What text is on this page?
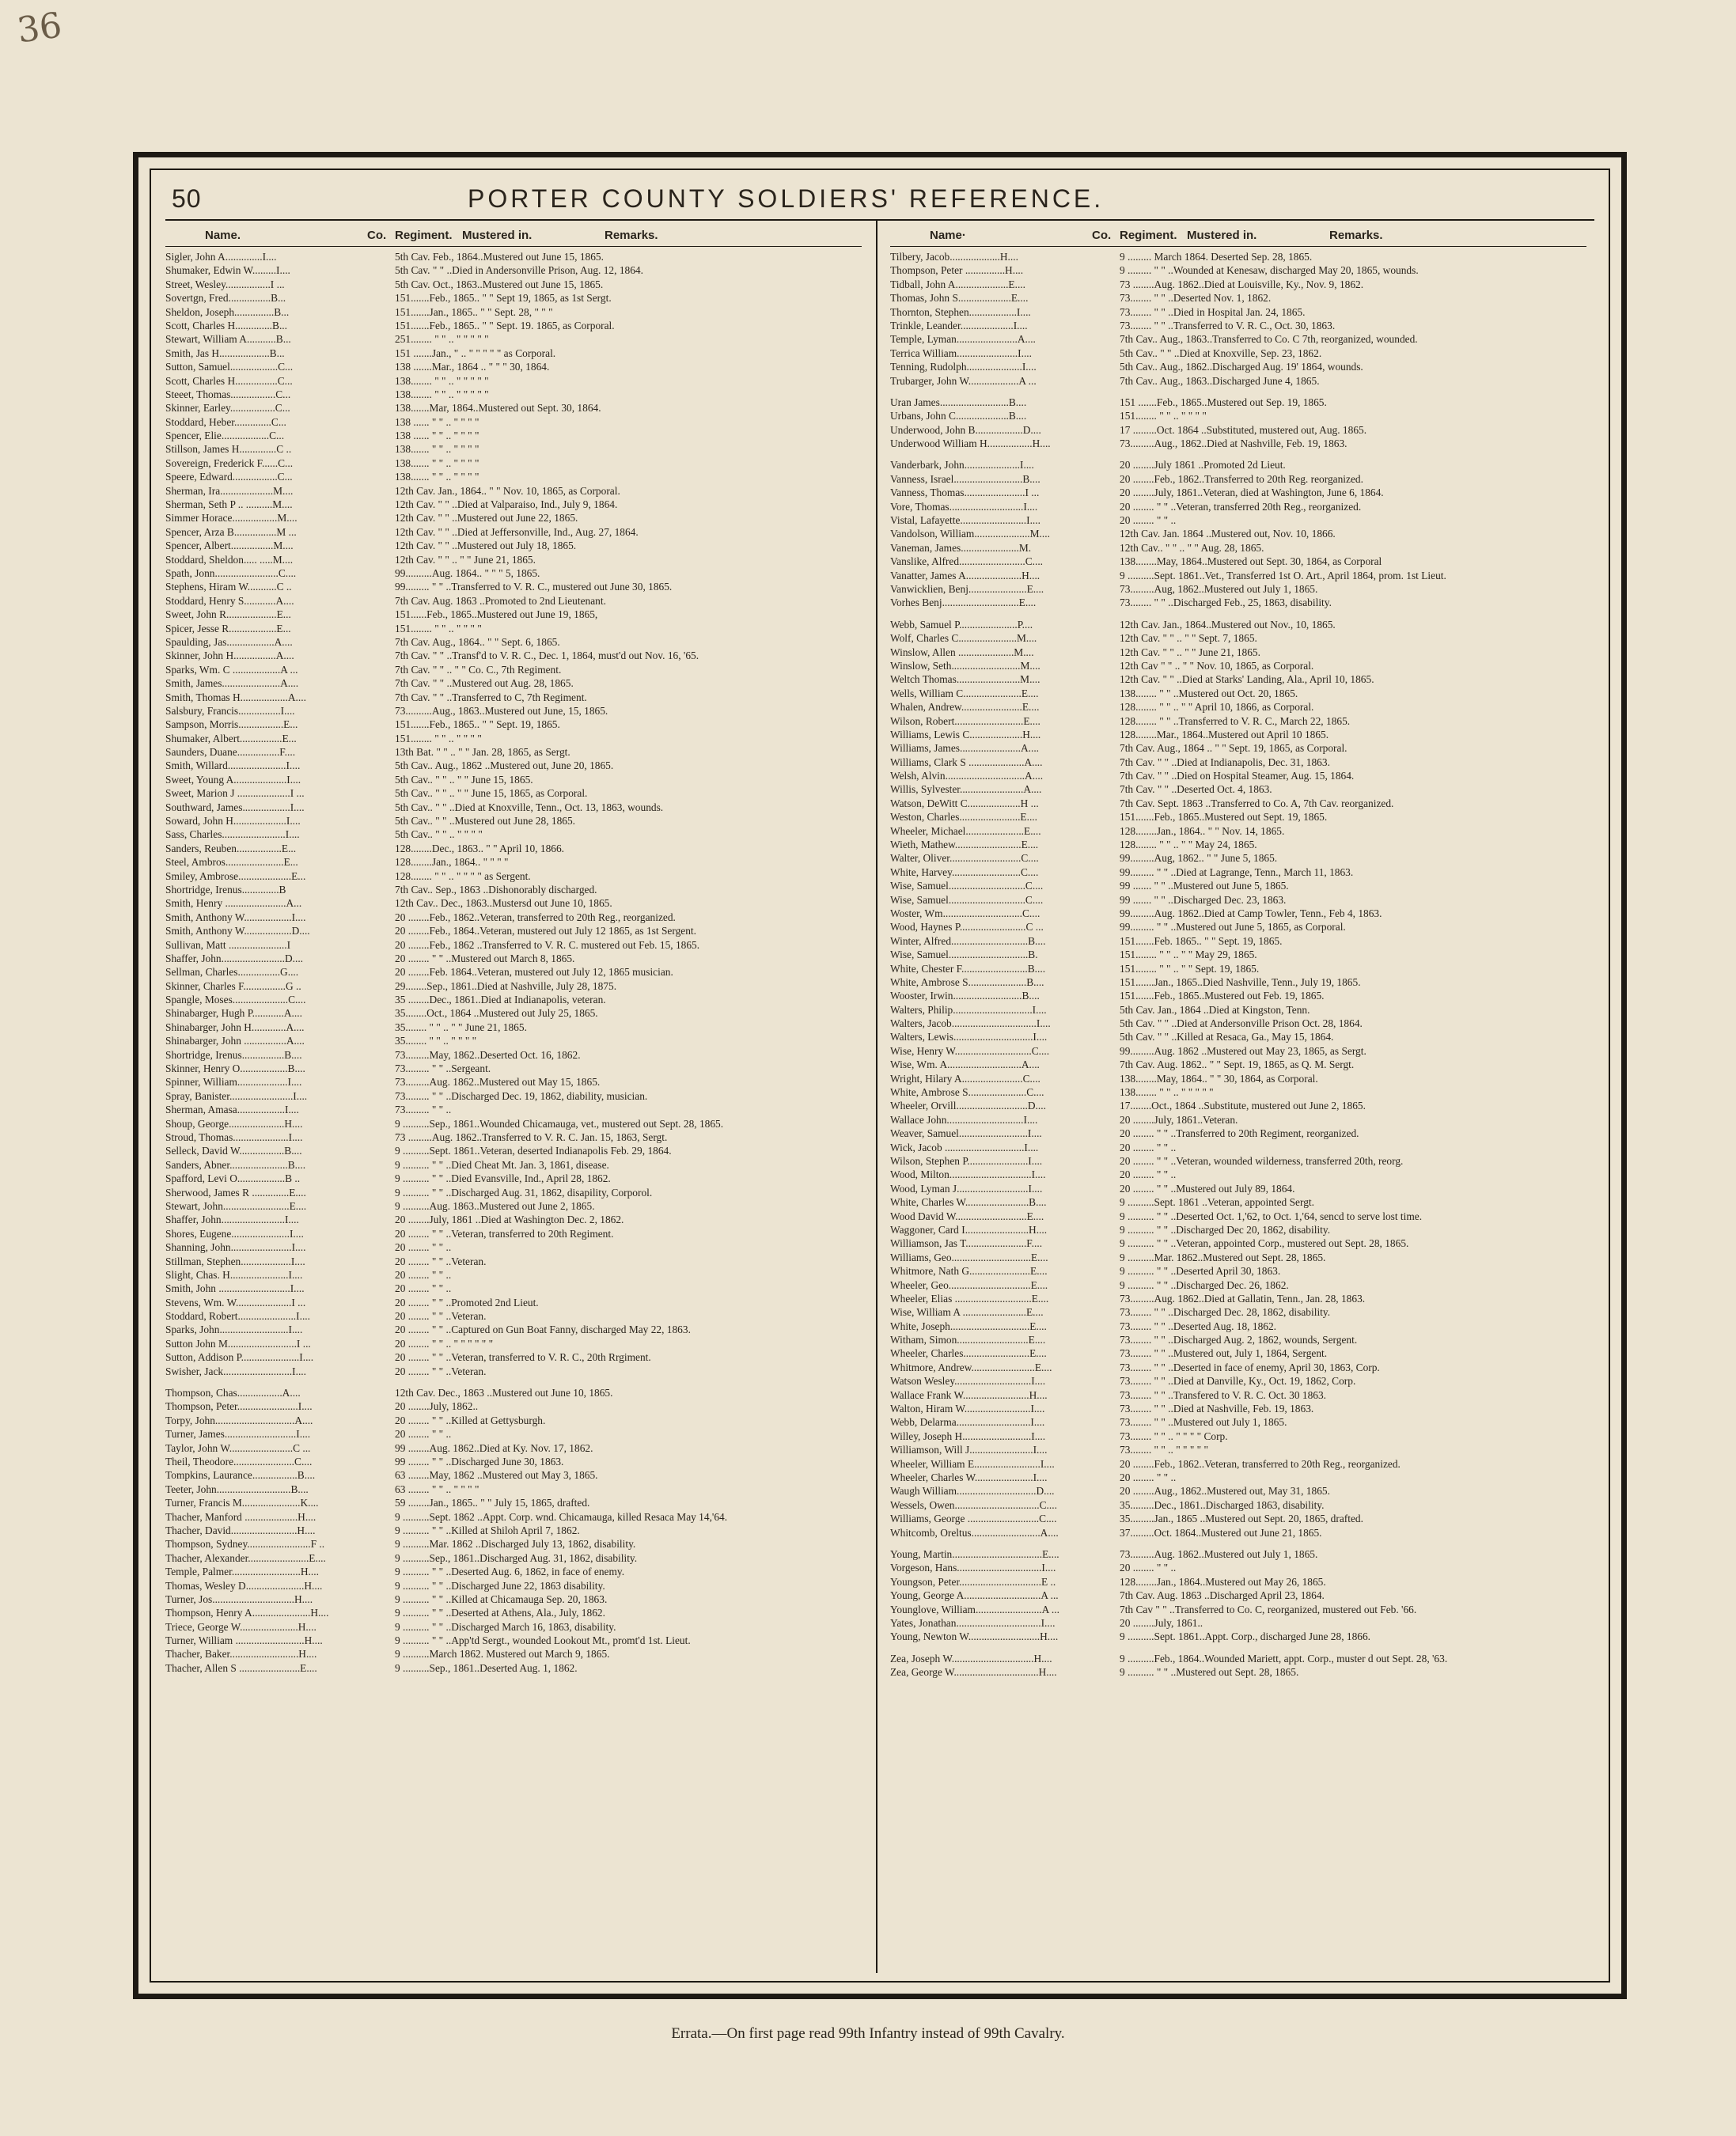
36
50	PORTER COUNTY SOLDIERS' REFERENCE.
Name.	Co. Regiment. Mustered in.	Remarks.
Sigler, John A..............I....	5th Cav. Feb., 1864..Mustered out June 15, 1865.
Shumaker, Edwin W.........I....	5th Cav. " " ..Died in Andersonville Prison, Aug. 12, 1864.
Street, Wesley.................I ...	5th Cav. Oct., 1863..Mustered out June 15, 1865.
Sovertgn, Fred................B...	151.......Feb., 1865.. " " Sept 19, 1865, as 1st Sergt.
Sheldon, Joseph...............B...	151.......Jan., 1865.. " " Sept. 28, " " "
Scott, Charles H..............B...	151.......Feb., 1865.. " " Sept. 19. 1865, as Corporal.
Stewart, William A...........B...	251........ " " .. " " " " "
Smith, Jas H...................B...	151 .......Jan., " .. " " " " " as Corporal.
Sutton, Samuel..................C...	138 .......Mar., 1864 .. " " " 30, 1864.
Scott, Charles H................C...	138........ " " .. " " " " "
Steeet, Thomas.................C...	138........ " " .. " " " " "
Skinner, Earley.................C...	138.......Mar, 1864..Mustered out Sept. 30, 1864.
Stoddard, Heber..............C...	138 ...... " " .. " " " "
Spencer, Elie..................C...	138 ...... " " .. " " " "
Stillson, James H..............C ..	138....... " " .. " " " "
Sovereign, Frederick F......C...	138....... " " .. " " " "
Speere, Edward.................C...	138....... " " .. " " " "
Sherman, Ira....................M....	12th Cav. Jan., 1864.. " " Nov. 10, 1865, as Corporal.
Sherman, Seth P .. ..........M....	12th Cav. " " ..Died at Valparaiso, Ind., July 9, 1864.
Simmer Horace.................M....	12th Cav. " " ..Mustered out June 22, 1865.
Spencer, Arza B................M ...	12th Cav. " " ..Died at Jeffersonville, Ind., Aug. 27, 1864.
Spencer, Albert................M....	12th Cav. " " ..Mustered out July 18, 1865.
Stoddard, Sheldon..... .....M....	12th Cav. " " .. " " June 21, 1865.
Spath, Jonn........................C....	99..........Aug. 1864.. " " " 5, 1865.
Stephens, Hiram W...........C ..	99......... " " ..Transferred to V. R. C., mustered out June 30, 1865.
Stoddard, Henry S............A....	7th Cav. Aug. 1863 ..Promoted to 2nd Lieutenant.
Sweet, John R...................E...	151......Feb., 1865..Mustered out June 19, 1865,
Spicer, Jesse R..................E...	151........ " " .. " " " "
Spaulding, Jas..................A....	7th Cav. Aug., 1864.. " " Sept. 6, 1865.
Skinner, John H................A....	7th Cav. " " ..Transf'd to V. R. C., Dec. 1, 1864, must'd out Nov. 16, '65.
Sparks, Wm. C ..................A ...	7th Cav. " " .. " " Co. C., 7th Regiment.
Smith, James......................A....	7th Cav. " " ..Mustered out Aug. 28, 1865.
Smith, Thomas H..................A....	7th Cav. " " ..Transferred to C, 7th Regiment.
Salsbury, Francis................I....	73..........Aug., 1863..Mustered out June, 15, 1865.
Sampson, Morris.................E...	151.......Feb., 1865.. " " Sept. 19, 1865.
Shumaker, Albert................E...	151........ " " .. " " " "
Saunders, Duane................F....	13th Bat. " " .. " " Jan. 28, 1865, as Sergt.
Smith, Willard......................I....	5th Cav.. Aug., 1862 ..Mustered out, June 20, 1865.
Sweet, Young A....................I....	5th Cav.. " " .. " " June 15, 1865.
Sweet, Marion J ....................I ...	5th Cav.. " " .. " " June 15, 1865, as Corporal.
Southward, James..................I....	5th Cav.. " " ..Died at Knoxville, Tenn., Oct. 13, 1863, wounds.
Soward, John H....................I....	5th Cav.. " " ..Mustered out June 28, 1865.
Sass, Charles........................I....	5th Cav.. " " .. " " " "
Sanders, Reuben.................E...	128........Dec., 1863.. " " April 10, 1866.
Steel, Ambros......................E...	128........Jan., 1864.. " " " "
Smiley, Ambrose....................E...	128........ " " .. " " " " as Sergent.
Shortridge, Irenus..............B	7th Cav.. Sep., 1863 ..Dishonorably discharged.
Smith, Henry .......................A...	12th Cav.. Dec., 1863..Mustersd out June 10, 1865.
Smith, Anthony W..................I....	20 ........Feb., 1862..Veteran, transferred to 20th Reg., reorganized.
Smith, Anthony W..................D....	20 ........Feb., 1864..Veteran, mustered out July 12 1865, as 1st Sergent.
Sullivan, Matt ......................I	20 ........Feb., 1862 ..Transferred to V. R. C. mustered out Feb. 15, 1865.
Shaffer, John........................D....	20 ........ " " ..Mustered out March 8, 1865.
Sellman, Charles................G....	20 ........Feb. 1864..Veteran, mustered out July 12, 1865 musician.
Skinner, Charles F................G ..	29........Sep., 1861..Died at Nashville, July 28, 1875.
Spangle, Moses.....................C....	35 ........Dec., 1861..Died at Indianapolis, veteran.
Shinabarger, Hugh P............A....	35........Oct., 1864 ..Mustered out July 25, 1865.
Shinabarger, John H.............A....	35........ " " .. " " June 21, 1865.
Shinabarger, John ................A....	35........ " " .. " " " "
Shortridge, Irenus................B....	73.........May, 1862..Deserted Oct. 16, 1862.
Skinner, Henry O..................B....	73......... " " ..Sergeant.
Spinner, William...................I....	73.........Aug. 1862..Mustered out May 15, 1865.
Spray, Banister........................I....	73......... " " ..Discharged Dec. 19, 1862, diability, musician.
Sherman, Amasa..................I....	73......... " " ..
Shoup, George.....................H....	9 ..........Sep., 1861..Wounded Chicamauga, vet., mustered out Sept. 28, 1865.
Stroud, Thomas.....................I....	73 .........Aug. 1862..Transferred to V. R. C. Jan. 15, 1863, Sergt.
Selleck, David W.................B....	9 ..........Sept. 1861..Veteran, deserted Indianapolis Feb. 29, 1864.
Sanders, Abner......................B....	9 .......... " " ..Died Cheat Mt. Jan. 3, 1861, disease.
Spafford, Levi O..................B ..	9 .......... " " ..Died Evansville, Ind., April 28, 1862.
Sherwood, James R ..............E....	9 .......... " " ..Discharged Aug. 31, 1862, disapility, Corporol.
Stewart, John.........................E....	9 ..........Aug. 1863..Mustered out June 2, 1865.
Shaffer, John........................I....	20 ........July, 1861 ..Died at Washington Dec. 2, 1862.
Shores, Eugene......................I....	20 ........ " " ..Veteran, transferred to 20th Regiment.
Shanning, John.......................I....	20 ........ " " ..
Stillman, Stephen...................I....	20 ........ " " ..Veteran.
Slight, Chas. H......................I....	20 ........ " " ..
Smith, John ...........................I....	20 ........ " " ..
Stevens, Wm. W.....................I ...	20 ........ " " ..Promoted 2nd Lieut.
Stoddard, Robert......................I....	20 ........ " " ..Veteran.
Sparks, John..........................I....	20 ........ " " ..Captured on Gun Boat Fanny, discharged May 22, 1863.
Sutton John M..........................I ...	20 ........ " " .. " " " " " "
Sutton, Addison P......................I....	20 ........ " " ..Veteran, transferred to V. R. C., 20th Rrgiment.
Swisher, Jack..........................I....	20 ........ " " ..Veteran.
Thompson, Chas.................A....	12th Cav. Dec., 1863 ..Mustered out June 10, 1865.
Thompson, Peter.......................I....	20 ........July, 1862..
Torpy, John..............................A....	20 ........ " " ..Killed at Gettysburgh.
Turner, James...........................I....	20 ........ " " ..
Taylor, John W........................C ...	99 ........Aug. 1862..Died at Ky. Nov. 17, 1862.
Theil, Theodore.......................C....	99 ........ " " ..Discharged June 30, 1863.
Tompkins, Laurance.................B....	63 ........May, 1862 ..Mustered out May 3, 1865.
Teeter, John............................B....	63 ........ " " .. " " " "
Turner, Francis M......................K....	59 ........Jan., 1865.. " " July 15, 1865, drafted.
Thacher, Manford ....................H....	9 ..........Sept. 1862 ..Appt. Corp. wnd. Chicamauga, killed Resaca May 14,'64.
Thacher, David.........................H....	9 .......... " " ..Killed at Shiloh April 7, 1862.
Thompson, Sydney........................F ..	9 ..........Mar. 1862 ..Discharged July 13, 1862, disability.
Thacher, Alexander.......................E....	9 ..........Sep., 1861..Discharged Aug. 31, 1862, disability.
Temple, Palmer..........................H....	9 .......... " " ..Deserted Aug. 6, 1862, in face of enemy.
Thomas, Wesley D......................H....	9 .......... " " ..Discharged June 22, 1863 disability.
Turner, Jos...............................H....	9 .......... " " ..Killed at Chicamauga Sep. 20, 1863.
Thompson, Henry A......................H....	9 .......... " " ..Deserted at Athens, Ala., July, 1862.
Triece, George W......................H....	9 .......... " " ..Discharged March 16, 1863, disability.
Turner, William ..........................H....	9 .......... " " ..App'td Sergt., wounded Lookout Mt., promt'd 1st. Lieut.
Thacher, Baker..........................H....	9 ..........March 1862. Mustered out March 9, 1865.
Thacher, Allen S .......................E....	9 ..........Sep., 1861..Deserted Aug. 1, 1862.
Name·	Co. Regiment. Mustered in.	Remarks.
Tilbery, Jacob...................H....	9 ......... March 1864. Deserted Sep. 28, 1865.
Thompson, Peter ...............H....	9 ......... " " ..Wounded at Kenesaw, discharged May 20, 1865, wounds.
Tidball, John A....................E....	73 ........Aug. 1862..Died at Louisville, Ky., Nov. 9, 1862.
Thomas, John S....................E....	73........ " " ..Deserted Nov. 1, 1862.
Thornton, Stephen..................I....	73........ " " ..Died in Hospital Jan. 24, 1865.
Trinkle, Leander....................I....	73........ " " ..Transferred to V. R. C., Oct. 30, 1863.
Temple, Lyman.......................A....	7th Cav.. Aug., 1863..Transferred to Co. C 7th, reorganized, wounded.
Terrica William.......................I....	5th Cav.. " " ..Died at Knoxville, Sep. 23, 1862.
Tenning, Rudolph.....................I....	5th Cav.. Aug., 1862..Discharged Aug. 19' 1864, wounds.
Trubarger, John W...................A ...	7th Cav.. Aug., 1863..Discharged June 4, 1865.
Uran James..........................B....	151 .......Feb., 1865..Mustered out Sep. 19, 1865.
Urbans, John C....................B....	151........ " " .. " " " "
Underwood, John B..................D....	17 .........Oct. 1864 ..Substituted, mustered out, Aug. 1865.
Underwood William H.................H....	73.........Aug., 1862..Died at Nashville, Feb. 19, 1863.
Vanderbark, John.....................I....	20 ........July 1861 ..Promoted 2d Lieut.
Vanness, Israel..........................B....	20 ........Feb., 1862..Transferred to 20th Reg. reorganized.
Vanness, Thomas.......................I ...	20 ........July, 1861..Veteran, died at Washington, June 6, 1864.
Vore, Thomas............................I....	20 ........ " " ..Veteran, transferred 20th Reg., reorganized.
Vistal, Lafayette.........................I....	20 ........ " " ..
Vandolson, William.....................M....	12th Cav. Jan. 1864 ..Mustered out, Nov. 10, 1866.
Vaneman, James......................M.	12th Cav.. " " .. " " Aug. 28, 1865.
Vanslike, Alfred.........................C....	138........May, 1864..Mustered out Sept. 30, 1864, as Corporal
Vanatter, James A.....................H....	9 ..........Sept. 1861..Vet., Transferred 1st O. Art., April 1864, prom. 1st Lieut.
Vanwicklien, Benj......................E....	73.........Aug, 1862..Mustered out July 1, 1865.
Vorhes Benj.............................E....	73........ " " ..Discharged Feb., 25, 1863, disability.
Webb, Samuel P......................P....	12th Cav. Jan., 1864..Mustered out Nov., 10, 1865.
Wolf, Charles C......................M....	12th Cav. " " .. " " Sept. 7, 1865.
Winslow, Allen .....................M....	12th Cav. " " .. " " June 21, 1865.
Winslow, Seth..........................M....	12th Cav " " .. " " Nov. 10, 1865, as Corporal.
Weltch Thomas........................M....	12th Cav. " " ..Died at Starks' Landing, Ala., April 10, 1865.
Wells, William C......................E....	138........ " " ..Mustered out Oct. 20, 1865.
Whalen, Andrew.......................E....	128........ " " .. " " April 10, 1866, as Corporal.
Wilson, Robert..........................E....	128........ " " ..Transferred to V. R. C., March 22, 1865.
Williams, Lewis C....................H....	128........Mar., 1864..Mustered out April 10 1865.
Williams, James.......................A....	7th Cav. Aug., 1864 .. " " Sept. 19, 1865, as Corporal.
Williams, Clark S .....................A....	7th Cav. " " ..Died at Indianapolis, Dec. 31, 1863.
Welsh, Alvin..............................A....	7th Cav. " " ..Died on Hospital Steamer, Aug. 15, 1864.
Willis, Sylvester........................A....	7th Cav. " " ..Deserted Oct. 4, 1863.
Watson, DeWitt C....................H ...	7th Cav. Sept. 1863 ..Transferred to Co. A, 7th Cav. reorganized.
Weston, Charles.......................E....	151.......Feb., 1865..Mustered out Sept. 19, 1865.
Wheeler, Michael......................E....	128........Jan., 1864.. " " Nov. 14, 1865.
Wieth, Mathew.........................E....	128........ " " .. " " May 24, 1865.
Walter, Oliver...........................C....	99.........Aug, 1862.. " " June 5, 1865.
White, Harvey..........................C....	99......... " " ..Died at Lagrange, Tenn., March 11, 1863.
Wise, Samuel.............................C....	99 ....... " " ..Mustered out June 5, 1865.
Wise, Samuel.............................C....	99 ....... " " ..Discharged Dec. 23, 1863.
Woster, Wm..............................C....	99.........Aug. 1862..Died at Camp Towler, Tenn., Feb 4, 1863.
Wood, Haynes P.........................C ...	99......... " " ..Mustered out June 5, 1865, as Corporal.
Winter, Alfred.............................B....	151.......Feb. 1865.. " " Sept. 19, 1865.
Wise, Samuel..............................B.	151........ " " .. " " May 29, 1865.
White, Chester F.........................B....	151........ " " .. " " Sept. 19, 1865.
White, Ambrose S......................B....	151.......Jan., 1865..Died Nashville, Tenn., July 19, 1865.
Wooster, Irwin..........................B....	151.......Feb., 1865..Mustered out Feb. 19, 1865.
Walters, Philip..............................I....	5th Cav. Jan., 1864 ..Died at Kingston, Tenn.
Walters, Jacob................................I....	5th Cav. " " ..Died at Andersonville Prison Oct. 28, 1864.
Walters, Lewis..............................I....	5th Cav. " " ..Killed at Resaca, Ga., May 15, 1864.
Wise, Henry W.............................C....	99.........Aug. 1862 ..Mustered out May 23, 1865, as Sergt.
Wise, Wm. A............................A....	7th Cav. Aug. 1862.. " " Sept. 19, 1865, as Q. M. Sergt.
Wright, Hilary A.......................C....	138........May, 1864.. " " 30, 1864, as Corporal.
White, Ambrose S......................C....	138........ " " .. " " " " "
Wheeler, Orvill...........................D....	17........Oct., 1864 ..Substitute, mustered out June 2, 1865.
Wallace John.............................I....	20 ........July, 1861..Veteran.
Weaver, Samuel..........................I....	20 ........ " " ..Transferred to 20th Regiment, reorganized.
Wick, Jacob ..............................I....	20 ........ " " ..
Wilson, Stephen P.......................I....	20 ........ " " ..Veteran, wounded wilderness, transferred 20th, reorg.
Wood, Milton...............................I....	20 ........ " " ..
Wood, Lyman J...........................I....	20 ........ " " ..Mustered out July 89, 1864.
White, Charles W........................B....	9 ..........Sept. 1861 ..Veteran, appointed Sergt.
Wood David W...........................E....	9 .......... " " ..Deserted Oct. 1,'62, to Oct. 1,'64, sencd to serve lost time.
Waggoner, Card I........................H....	9 .......... " " ..Discharged Dec 20, 1862, disability.
Williamson, Jas T.......................F....	9 .......... " " ..Veteran, appointed Corp., mustered out Sept. 28, 1865.
Williams, Geo..............................E....	9 ..........Mar. 1862..Mustered out Sept. 28, 1865.
Whitmore, Nath G.......................E....	9 .......... " " ..Deserted April 30, 1863.
Wheeler, Geo...............................E....	9 .......... " " ..Discharged Dec. 26, 1862.
Wheeler, Elias .............................E....	73.........Aug. 1862..Died at Gallatin, Tenn., Jan. 28, 1863.
Wise, William A ........................E....	73........ " " ..Discharged Dec. 28, 1862, disability.
White, Joseph..............................E....	73........ " " ..Deserted Aug. 18, 1862.
Witham, Simon...........................E....	73........ " " ..Discharged Aug. 2, 1862, wounds, Sergent.
Wheeler, Charles.........................E....	73........ " " ..Mustered out, July 1, 1864, Sergent.
Whitmore, Andrew........................E....	73........ " " ..Deserted in face of enemy, April 30, 1863, Corp.
Watson Wesley.............................I....	73........ " " ..Died at Danville, Ky., Oct. 19, 1862, Corp.
Wallace Frank W.........................H....	73........ " " ..Transfered to V. R. C. Oct. 30 1863.
Walton, Hiram W.........................I....	73........ " " ..Died at Nashville, Feb. 19, 1863.
Webb, Delarma............................I....	73........ " " ..Mustered out July 1, 1865.
Willey, Joseph H..........................I....	73........ " " .. " " " " Corp.
Williamson, Will J........................I....	73........ " " .. " " " " "
Wheeler, William E.........................I....	20 ........Feb., 1862..Veteran, transferred to 20th Reg., reorganized.
Wheeler, Charles W......................I....	20 ........ " " ..
Waugh William..............................D....	20 ........Aug., 1862..Mustered out, May 31, 1865.
Wessels, Owen................................C....	35.........Dec., 1861..Discharged 1863, disability.
Williams, George ...........................C....	35.........Jan., 1865 ..Mustered out Sept. 20, 1865, drafted.
Whitcomb, Oreltus..........................A....	37.........Oct. 1864..Mustered out June 21, 1865.
Young, Martin..................................E....	73.........Aug. 1862..Mustered out July 1, 1865.
Vorgeson, Hans................................I....	20 ........ " " ..
Youngson, Peter...............................E ..	128........Jan., 1864..Mustered out May 26, 1865.
Young, George A.............................A ...	7th Cav. Aug. 1863 ..Discharged April 23, 1864.
Younglove, William.........................A ...	7th Cav " " ..Transferred to Co. C, reorganized, mustered out Feb. '66.
Yates, Jonathan................................I....	20 ........July, 1861..
Young, Newton W...........................H....	9 ..........Sept. 1861..Appt. Corp., discharged June 28, 1866.
Zea, Joseph W...............................H....	9 ..........Feb., 1864..Wounded Mariett, appt. Corp., muster d out Sept. 28, '63.
Zea, George W................................H....	9 .......... " " ..Mustered out Sept. 28, 1865.
Errata.—On first page read 99th Infantry instead of 99th Cavalry.
